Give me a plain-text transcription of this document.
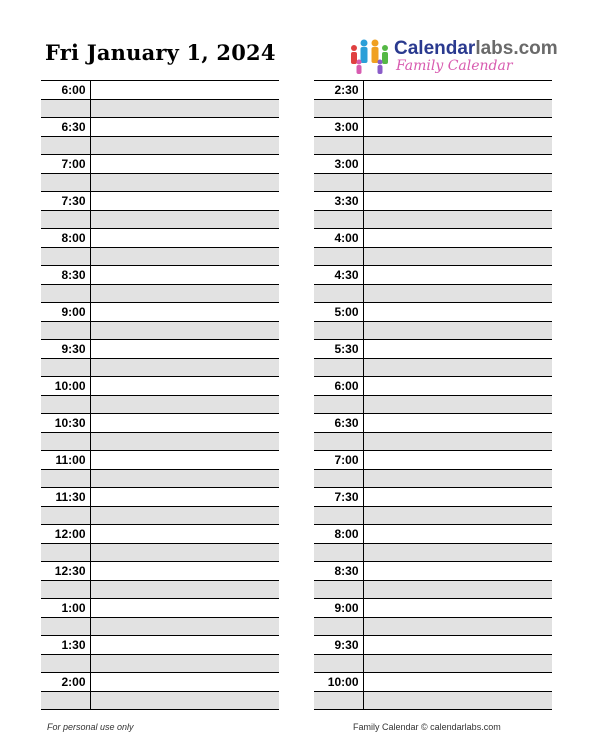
Fri January 1, 2024	Calendarlabs.com
Family Calendar
6:00	

6:30	

7:00	

7:30	

8:00	

8:30	

9:00	

9:30	

10:00	

10:30	

11:00	

11:30	

12:00	

12:30	

1:00	

1:30	

2:00	

2:30	

3:00	

3:00	

3:30	

4:00	

4:30	

5:00	

5:30	

6:00	

6:30	

7:00	

7:30	

8:00	

8:30	

9:00	

9:30	

10:00	

For personal use only	Family Calendar © calendarlabs.com
